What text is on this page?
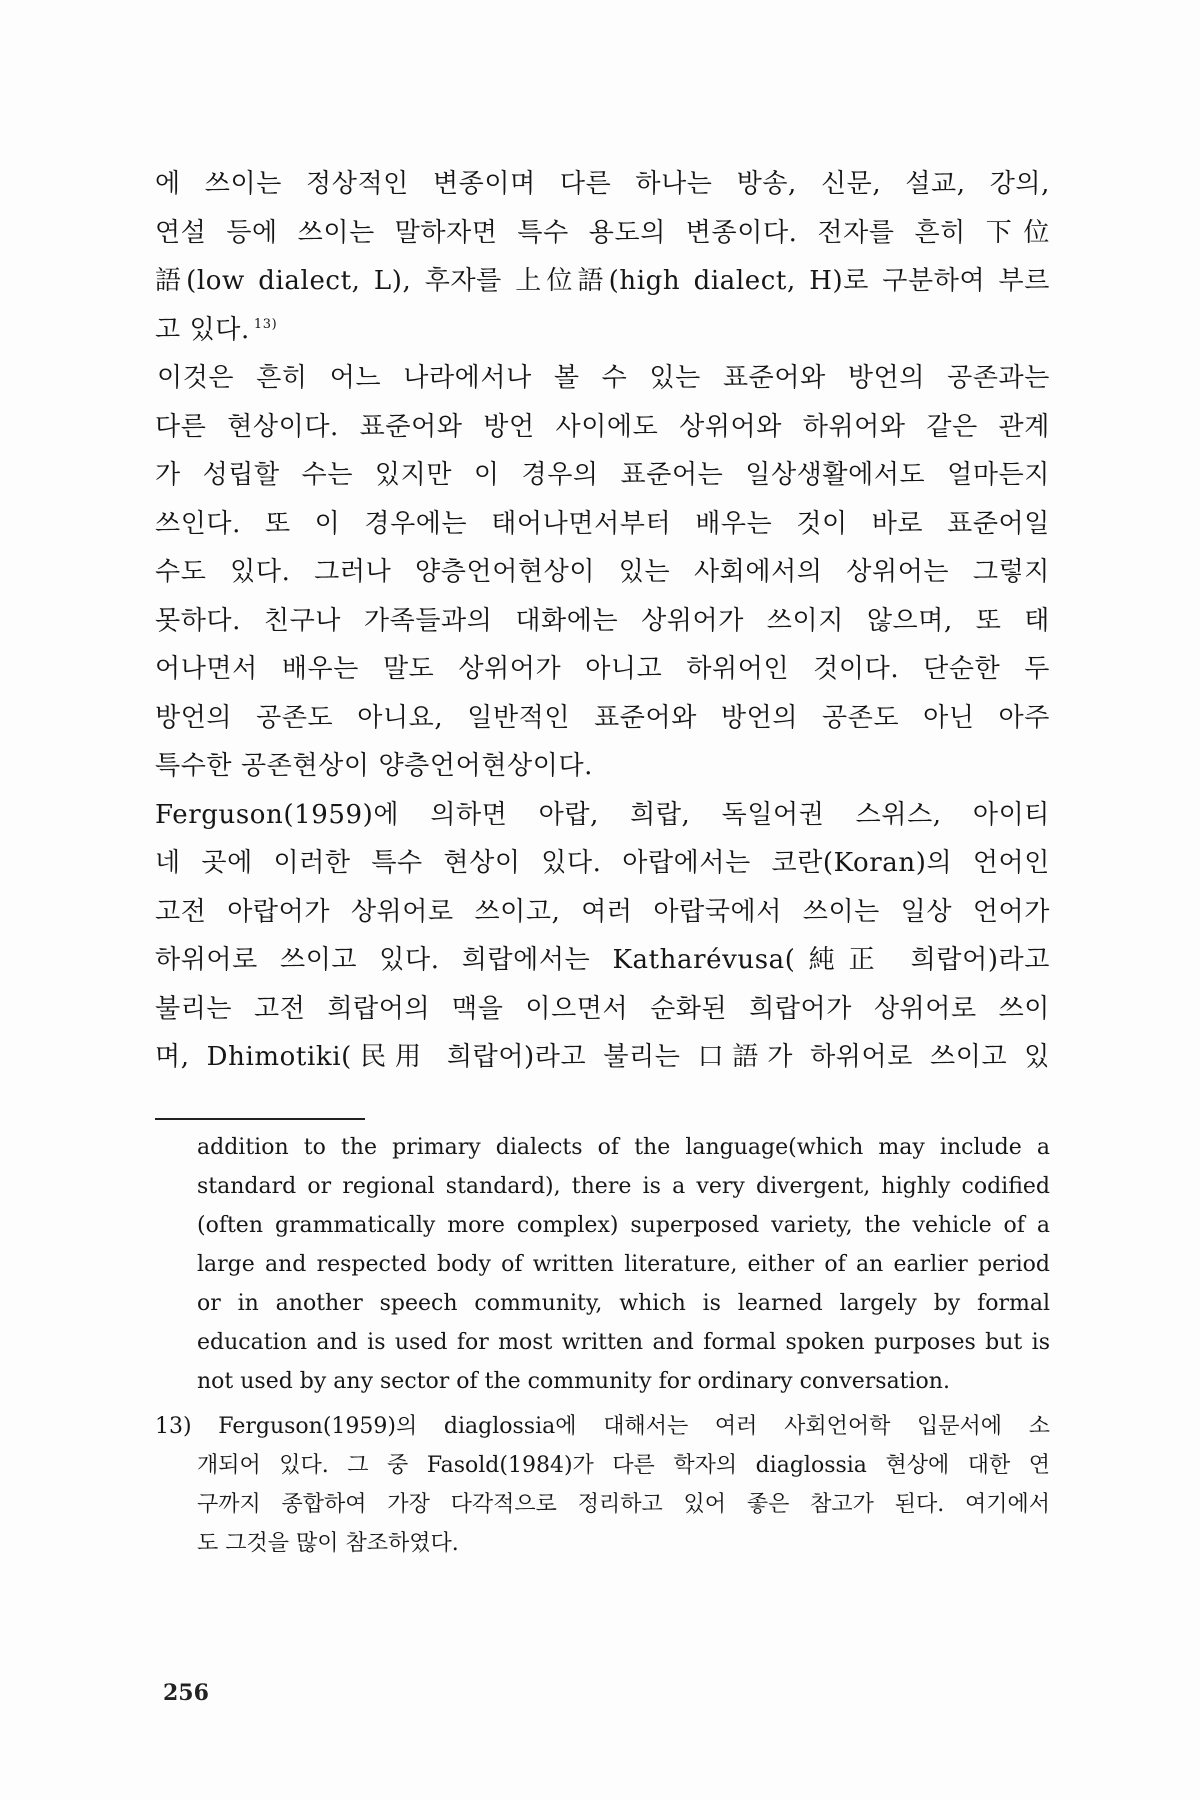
에 쓰이는 정상적인 변종이며 다른 하나는 방송, 신문, 설교, 강의,
연설 등에 쓰이는 말하자면 특수 용도의 변종이다. 전자를 흔히 下位
語(low dialect, L), 후자를 上位語(high dialect, H)로 구분하여 부르
고 있다. $^{13)}$
이것은 흔히 어느 나라에서나 볼 수 있는 표준어와 방언의 공존과는
다른 현상이다. 표준어와 방언 사이에도 상위어와 하위어와 같은 관계
가 성립할 수는 있지만 이 경우의 표준어는 일상생활에서도 얼마든지
쓰인다. 또 이 경우에는 태어나면서부터 배우는 것이 바로 표준어일
수도 있다. 그러나 양층언어현상이 있는 사회에서의 상위어는 그렇지
못하다. 친구나 가족들과의 대화에는 상위어가 쓰이지 않으며, 또 태
어나면서 배우는 말도 상위어가 아니고 하위어인 것이다. 단순한 두
방언의 공존도 아니요, 일반적인 표준어와 방언의 공존도 아닌 아주
특수한 공존현상이 양층언어현상이다.
Ferguson(1959)에 의하면 아랍, 희랍, 독일어권 스위스, 아이티
네 곳에 이러한 특수 현상이 있다. 아랍에서는 코란(Koran)의 언어인
고전 아랍어가 상위어로 쓰이고, 여러 아랍국에서 쓰이는 일상 언어가
하위어로 쓰이고 있다. 희랍에서는 Katharévusa(純正 희랍어)라고
불리는 고전 희랍어의 맥을 이으면서 순화된 희랍어가 상위어로 쓰이
며, Dhimotiki(民用 희랍어)라고 불리는 口語가 하위어로 쓰이고 있
addition to the primary dialects of the language(which may include a
standard or regional standard), there is a very divergent, highly codified
(often grammatically more complex) superposed variety, the vehicle of a
large and respected body of written literature, either of an earlier period
or in another speech community, which is learned largely by formal
education and is used for most written and formal spoken purposes but is
not used by any sector of the community for ordinary conversation.
13) Ferguson(1959)의 diaglossia에 대해서는 여러 사회언어학 입문서에 소
개되어 있다. 그 중 Fasold(1984)가 다른 학자의 diaglossia 현상에 대한 연
구까지 종합하여 가장 다각적으로 정리하고 있어 좋은 참고가 된다. 여기에서
도 그것을 많이 참조하였다.
256
